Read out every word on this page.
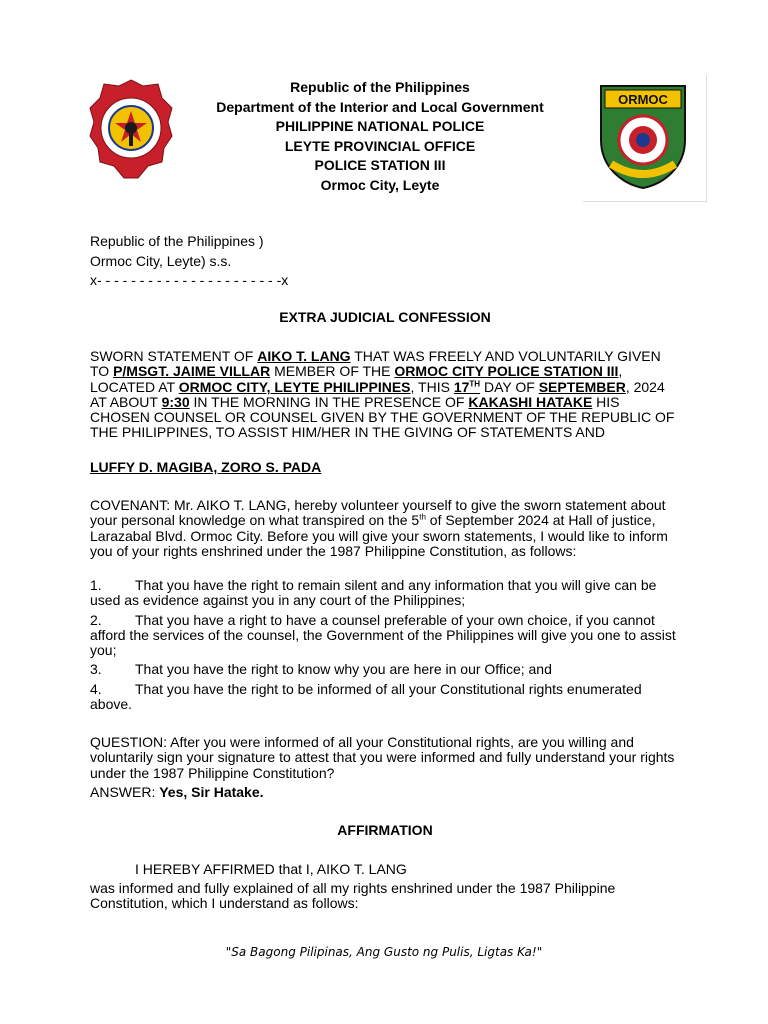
Republic of the Philippines
Department of the Interior and Local Government
PHILIPPINE NATIONAL POLICE
LEYTE PROVINCIAL OFFICE
POLICE STATION III
Ormoc City, Leyte
ORMOC
Republic of the Philippines )
Ormoc City, Leyte) s.s.
x- - - - - - - - - - - - - - - - - - - - - -x
EXTRA JUDICIAL CONFESSION
SWORN STATEMENT OF AIKO T. LANG THAT WAS FREELY AND VOLUNTARILY GIVEN TO P/MSGT. JAIME VILLAR MEMBER OF THE ORMOC CITY POLICE STATION III, LOCATED AT ORMOC CITY, LEYTE PHILIPPINES, THIS 17TH DAY OF SEPTEMBER, 2024 AT ABOUT 9:30 IN THE MORNING IN THE PRESENCE OF KAKASHI HATAKE HIS CHOSEN COUNSEL OR COUNSEL GIVEN BY THE GOVERNMENT OF THE REPUBLIC OF THE PHILIPPINES, TO ASSIST HIM/HER IN THE GIVING OF STATEMENTS AND
LUFFY D. MAGIBA, ZORO S. PADA
COVENANT: Mr. AIKO T. LANG, hereby volunteer yourself to give the sworn statement about your personal knowledge on what transpired on the 5th of September 2024 at Hall of justice, Larazabal Blvd. Ormoc City. Before you will give your sworn statements, I would like to inform you of your rights enshrined under the 1987 Philippine Constitution, as follows:
1. That you have the right to remain silent and any information that you will give can be used as evidence against you in any court of the Philippines;
2. That you have a right to have a counsel preferable of your own choice, if you cannot afford the services of the counsel, the Government of the Philippines will give you one to assist you;
3. That you have the right to know why you are here in our Office; and
4. That you have the right to be informed of all your Constitutional rights enumerated above.
QUESTION: After you were informed of all your Constitutional rights, are you willing and voluntarily sign your signature to attest that you were informed and fully understand your rights under the 1987 Philippine Constitution?
ANSWER: Yes, Sir Hatake.
AFFIRMATION
I HEREBY AFFIRMED that I, AIKO T. LANG
was informed and fully explained of all my rights enshrined under the 1987 Philippine Constitution, which I understand as follows:
"Sa Bagong Pilipinas, Ang Gusto ng Pulis, Ligtas Ka!"
